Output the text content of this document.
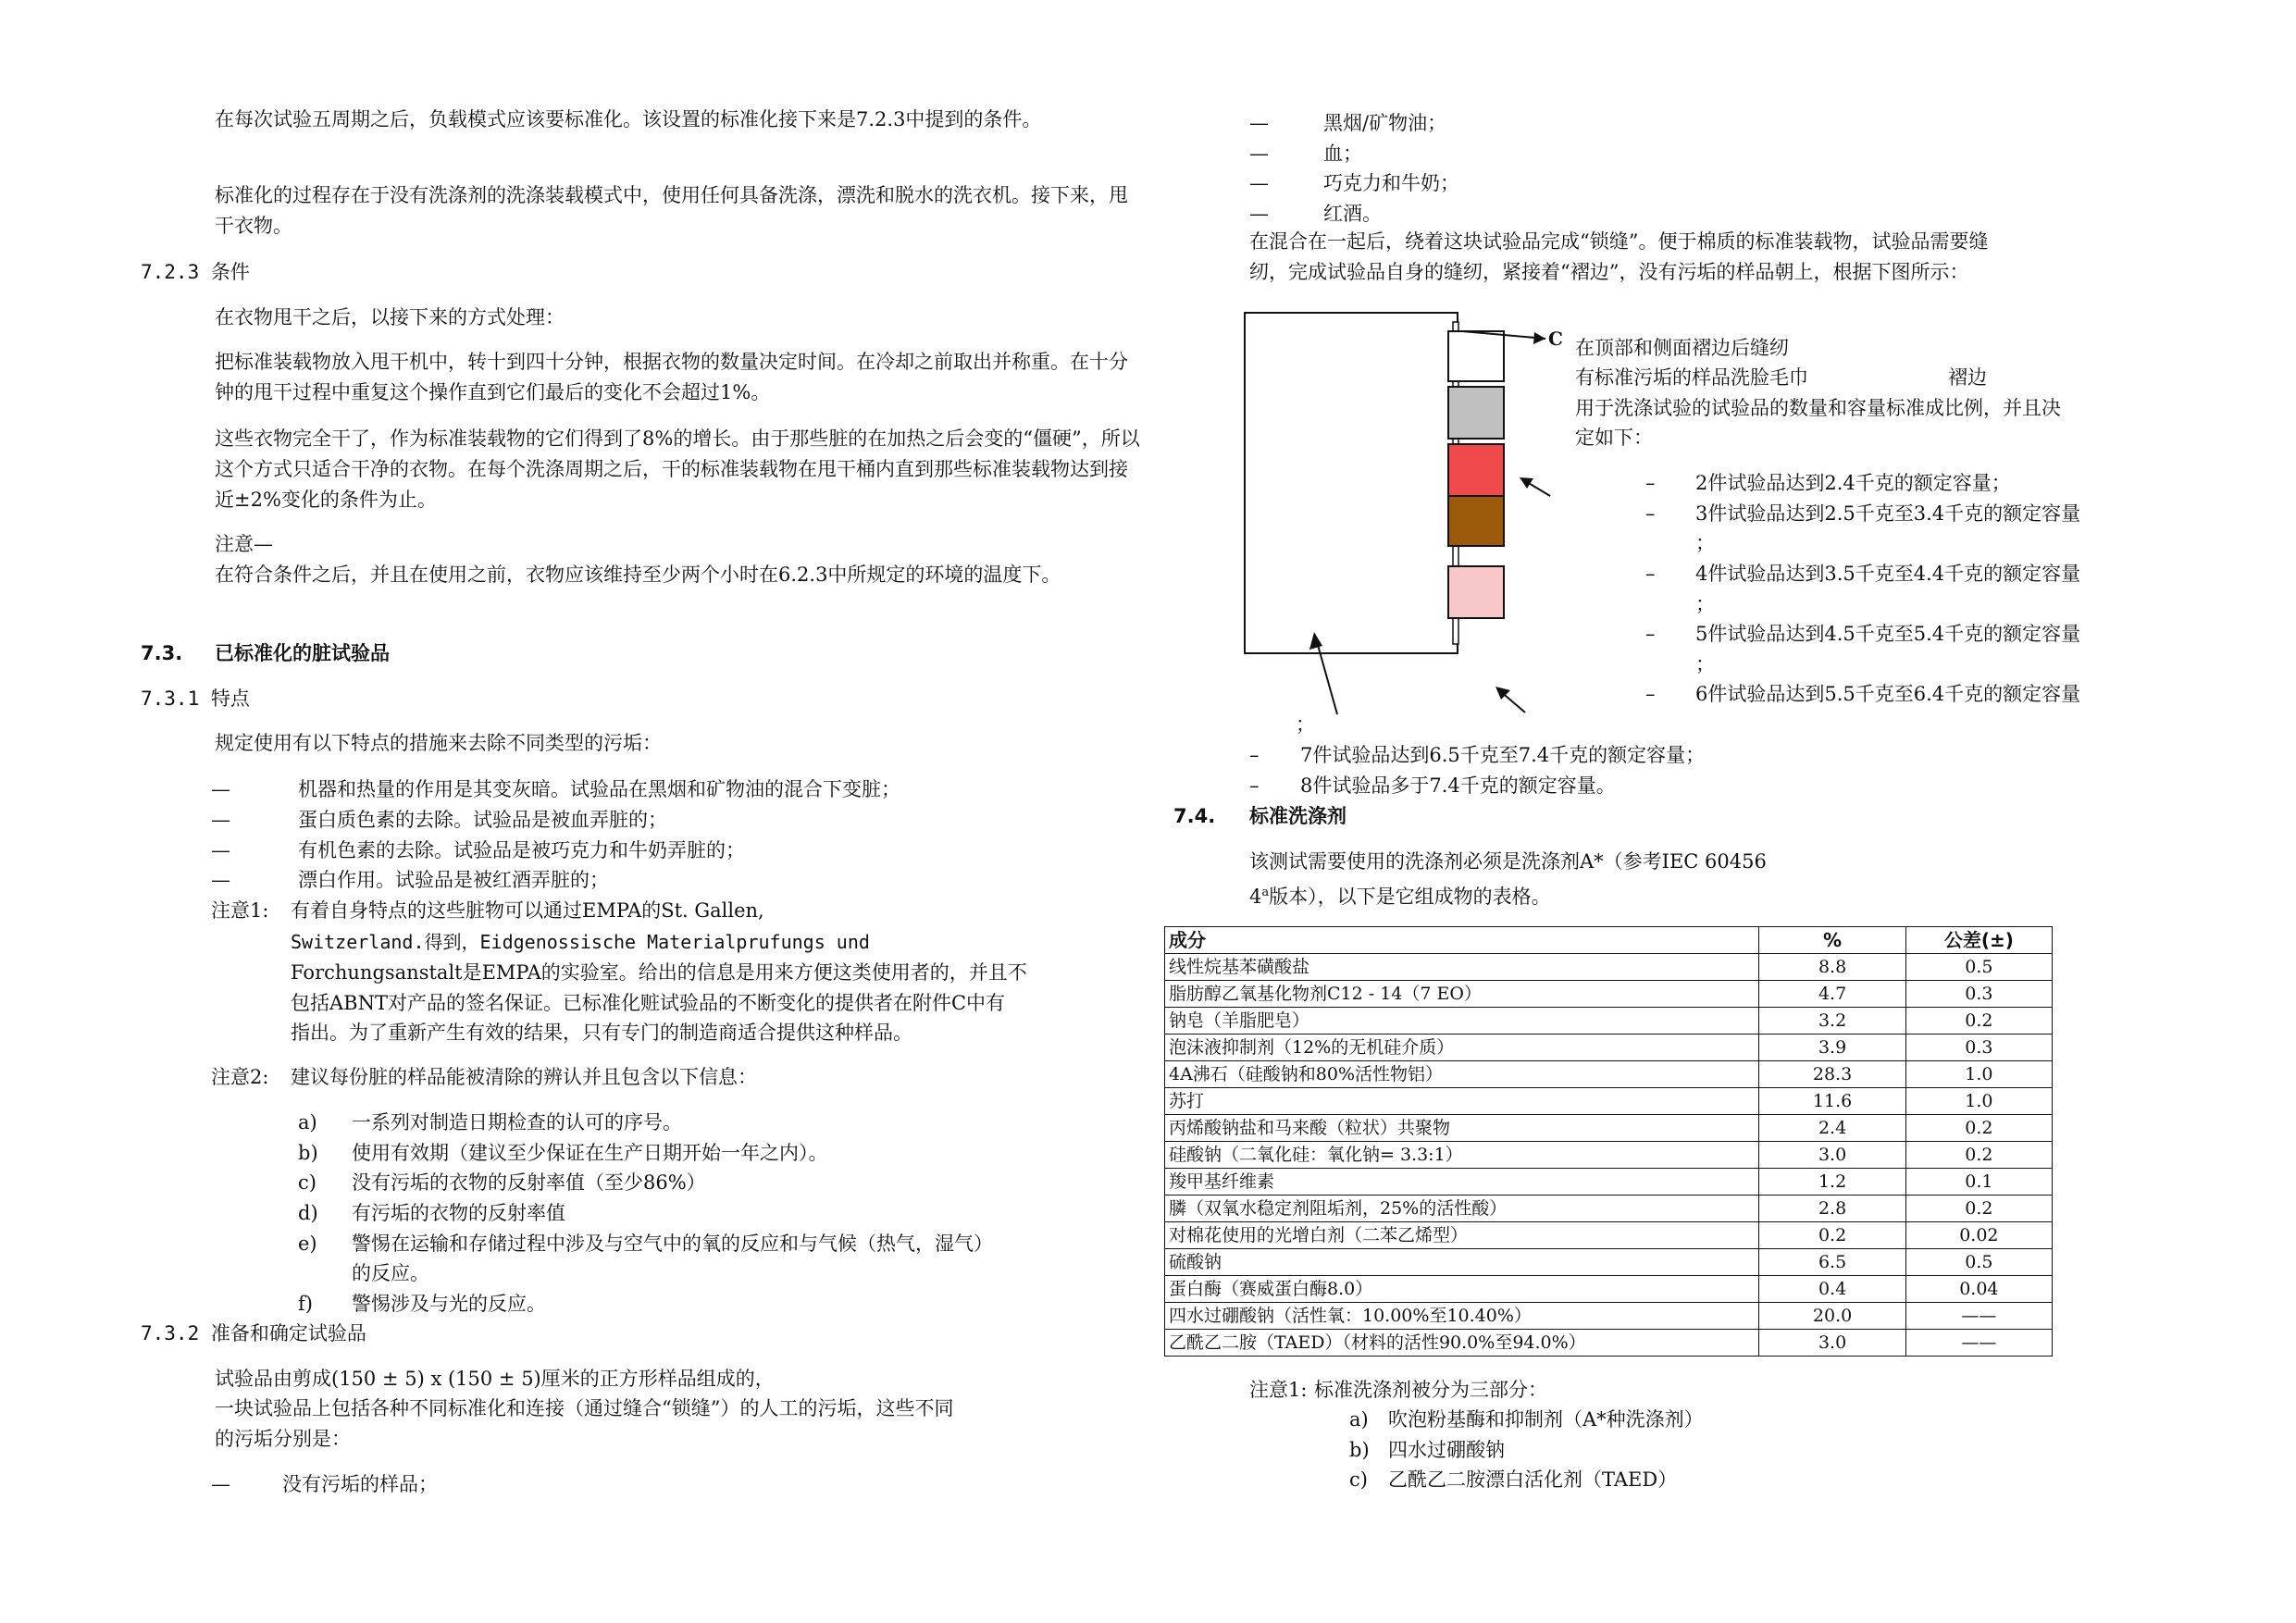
在每次试验五周期之后，负载模式应该要标准化。该设置的标准化接下来是7.2.3中提到的条件。
标准化的过程存在于没有洗涤剂的洗涤装载模式中，使用任何具备洗涤，漂洗和脱水的洗衣机。接下来，甩干衣物。
7.2.3 条件
在衣物甩干之后，以接下来的方式处理：
把标准装载物放入甩干机中，转十到四十分钟，根据衣物的数量决定时间。在冷却之前取出并称重。在十分钟的甩干过程中重复这个操作直到它们最后的变化不会超过1%。
这些衣物完全干了，作为标准装载物的它们得到了8%的增长。由于那些脏的在加热之后会变的“僵硬”，所以这个方式只适合干净的衣物。在每个洗涤周期之后，干的标准装载物在甩干桶内直到那些标准装载物达到接近±2%变化的条件为止。
注意—
在符合条件之后，并且在使用之前，衣物应该维持至少两个小时在6.2.3中所规定的环境的温度下。
7.3. 已标准化的脏试验品
7.3.1 特点
规定使用有以下特点的措施来去除不同类型的污垢：
—	机器和热量的作用是其变灰暗。试验品在黑烟和矿物油的混合下变脏；
—	蛋白质色素的去除。试验品是被血弄脏的；
—	有机色素的去除。试验品是被巧克力和牛奶弄脏的；
—	漂白作用。试验品是被红酒弄脏的；
注意1: 有着自身特点的这些脏物可以通过EMPA的St. Gallen,
Switzerland.得到，Eidgenossische Materialprufungs und
Forchungsanstalt是EMPA的实验室。给出的信息是用来方便这类使用者的，并且不
包括ABNT对产品的签名保证。已标准化赃试验品的不断变化的提供者在附件C中有
指出。为了重新产生有效的结果，只有专门的制造商适合提供这种样品。
注意2: 建议每份脏的样品能被清除的辨认并且包含以下信息：
a) 一系列对制造日期检查的认可的序号。
b) 使用有效期（建议至少保证在生产日期开始一年之内）。
c) 没有污垢的衣物的反射率值（至少86%）
d) 有污垢的衣物的反射率值
e) 警惕在运输和存储过程中涉及与空气中的氧的反应和与气候（热气，湿气）
的反应。
f) 警惕涉及与光的反应。
7.3.2 准备和确定试验品
试验品由剪成(150 ± 5) x (150 ± 5)厘米的正方形样品组成的，
一块试验品上包括各种不同标准化和连接（通过缝合“锁缝”）的人工的污垢，这些不同
的污垢分别是：
—	没有污垢的样品；
—	黑烟/矿物油；
—	血；
—	巧克力和牛奶；
—	红酒。
在混合在一起后，绕着这块试验品完成“锁缝”。便于棉质的标准装载物，试验品需要缝
纫，完成试验品自身的缝纫，紧接着“褶边”，没有污垢的样品朝上，根据下图所示：
C 在顶部和侧面褶边后缝纫
有标准污垢的样品洗脸毛巾	褶边
用于洗涤试验的试验品的数量和容量标准成比例，并且决
定如下：
– 2件试验品达到2.4千克的额定容量；
– 3件试验品达到2.5千克至3.4千克的额定容量
；
– 4件试验品达到3.5千克至4.4千克的额定容量
；
– 5件试验品达到4.5千克至5.4千克的额定容量
；
– 6件试验品达到5.5千克至6.4千克的额定容量
；
– 7件试验品达到6.5千克至7.4千克的额定容量；
– 8件试验品多于7.4千克的额定容量。
7.4. 标准洗涤剂
该测试需要使用的洗涤剂必须是洗涤剂A*（参考IEC 60456
4$^a$版本），以下是它组成物的表格。
成分	%	公差(±)
线性烷基苯磺酸盐	8.8	0.5
脂肪醇乙氧基化物剂C12 - 14（7 EO）	4.7	0.3
钠皂（羊脂肥皂）	3.2	0.2
泡沫液抑制剂（12%的无机硅介质）	3.9	0.3
4A沸石（硅酸钠和80%活性物铝）	28.3	1.0
苏打	11.6	1.0
丙烯酸钠盐和马来酸（粒状）共聚物	2.4	0.2
硅酸钠（二氧化硅：氧化钠= 3.3:1）	3.0	0.2
羧甲基纤维素	1.2	0.1
膦（双氧水稳定剂阻垢剂，25%的活性酸）	2.8	0.2
对棉花使用的光增白剂（二苯乙烯型）	0.2	0.02
硫酸钠	6.5	0.5
蛋白酶（赛威蛋白酶8.0）	0.4	0.04
四水过硼酸钠（活性氧：10.00%至10.40%）	20.0	——
乙酰乙二胺（TAED）（材料的活性90.0%至94.0%）	3.0	——
注意1: 标准洗涤剂被分为三部分：
a) 吹泡粉基酶和抑制剂（A*种洗涤剂）
b) 四水过硼酸钠
c) 乙酰乙二胺漂白活化剂（TAED）
